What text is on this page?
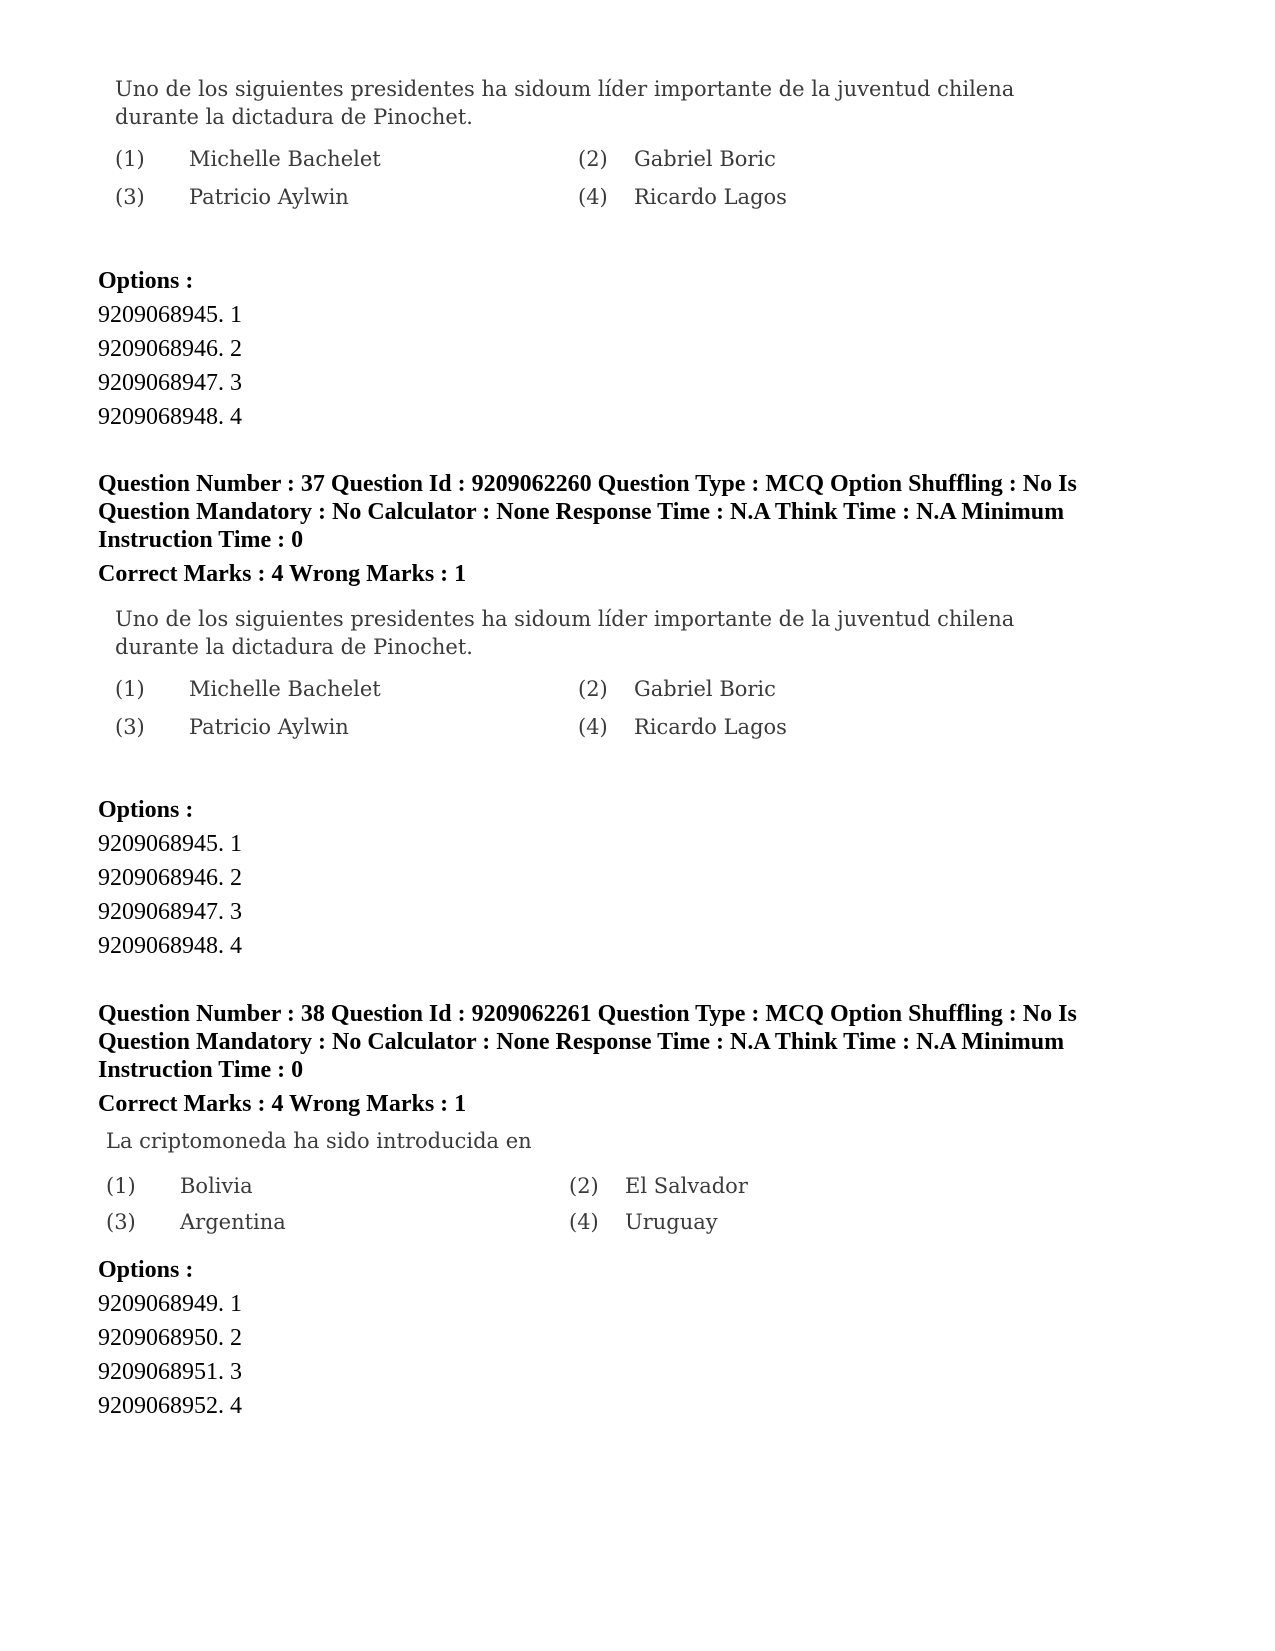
Uno de los siguientes presidentes ha sidoum líder importante de la juventud chilena durante la dictadura de Pinochet.

(1) Michelle Bachelet	(2) Gabriel Boric
(3) Patricio Aylwin	(4) Ricardo Lagos
Options :
9209068945. 1
9209068946. 2
9209068947. 3
9209068948. 4
Question Number : 37 Question Id : 9209062260 Question Type : MCQ Option Shuffling : No Is Question Mandatory : No Calculator : None Response Time : N.A Think Time : N.A Minimum Instruction Time : 0
Correct Marks : 4 Wrong Marks : 1

Uno de los siguientes presidentes ha sidoum líder importante de la juventud chilena durante la dictadura de Pinochet.

(1) Michelle Bachelet	(2) Gabriel Boric
(3) Patricio Aylwin	(4) Ricardo Lagos
Options :
9209068945. 1
9209068946. 2
9209068947. 3
9209068948. 4
Question Number : 38 Question Id : 9209062261 Question Type : MCQ Option Shuffling : No Is Question Mandatory : No Calculator : None Response Time : N.A Think Time : N.A Minimum Instruction Time : 0
Correct Marks : 4 Wrong Marks : 1

La criptomoneda ha sido introducida en

(1) Bolivia	(2) El Salvador
(3) Argentina	(4) Uruguay
Options :
9209068949. 1
9209068950. 2
9209068951. 3
9209068952. 4
